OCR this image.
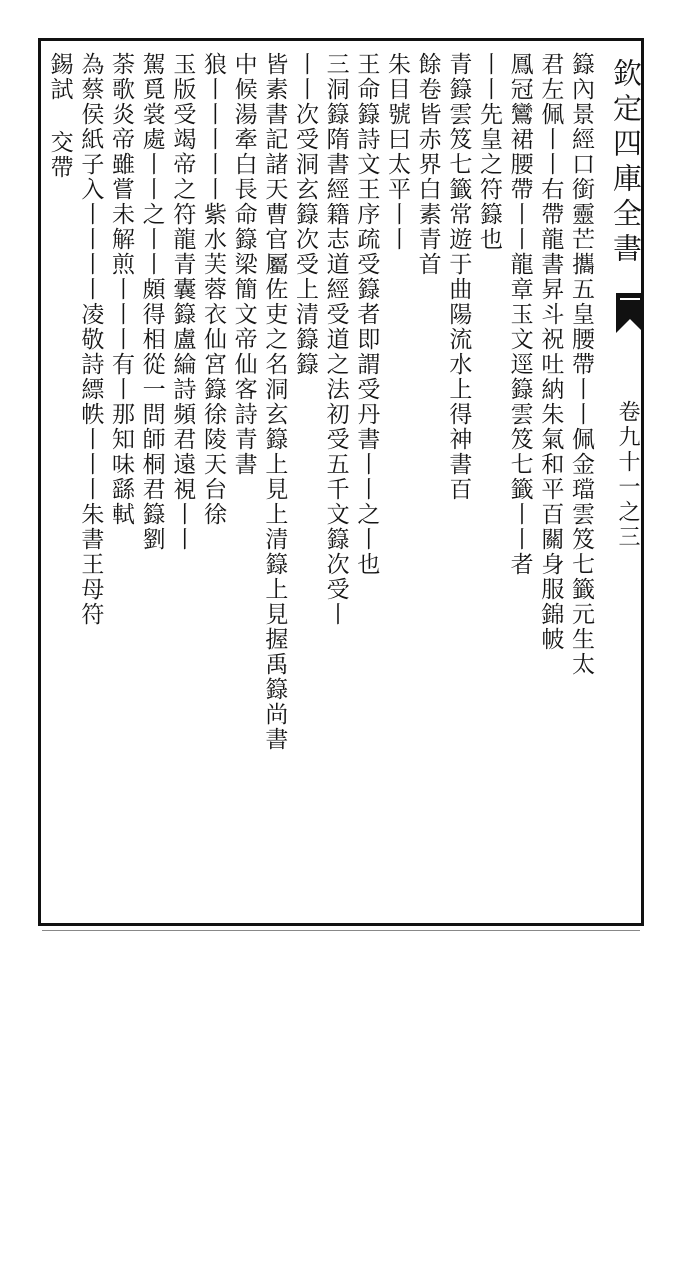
欽定四庫全書
卷九十一之三
籙內景經口銜靈芒攜五皇腰帶丨丨佩金璫雲笈七籤元生太
君左佩丨丨右帶龍書昇斗祝吐納朱氣和平百關身服錦帔
鳳冠鸞裙腰帶丨丨龍章玉文逕籙雲笈七籤丨丨者
丨丨先皇之符籙也
青籙雲笈七籤常遊于曲陽流水上得神書百
餘卷皆赤界白素青首
朱目號曰太平丨丨
王命籙詩文王序疏受籙者即謂受丹書丨丨之丨也
三洞籙隋書經籍志道經受道之法初受五千文籙次受丨
丨丨次受洞玄籙次受上清籙籙
皆素書記諸天曹官屬佐吏之名洞玄籙上見上清籙上見握禹籙尚書
中候湯牽白長命籙梁簡文帝仙客詩青書
狼丨丨丨丨丨紫水芙蓉衣仙宮籙徐陵天台徐
玉版受竭帝之符龍青囊籙盧綸詩頻君遠視丨丨
駕覓裳處丨丨之丨丨頗得相從一問師桐君籙劉
荼歌炎帝雖嘗未解煎丨丨丨有丨那知味繇軾
為蔡侯紙子入丨丨丨丨凌敬詩縹帙丨丨丨朱書王母符
錫試 交帶
